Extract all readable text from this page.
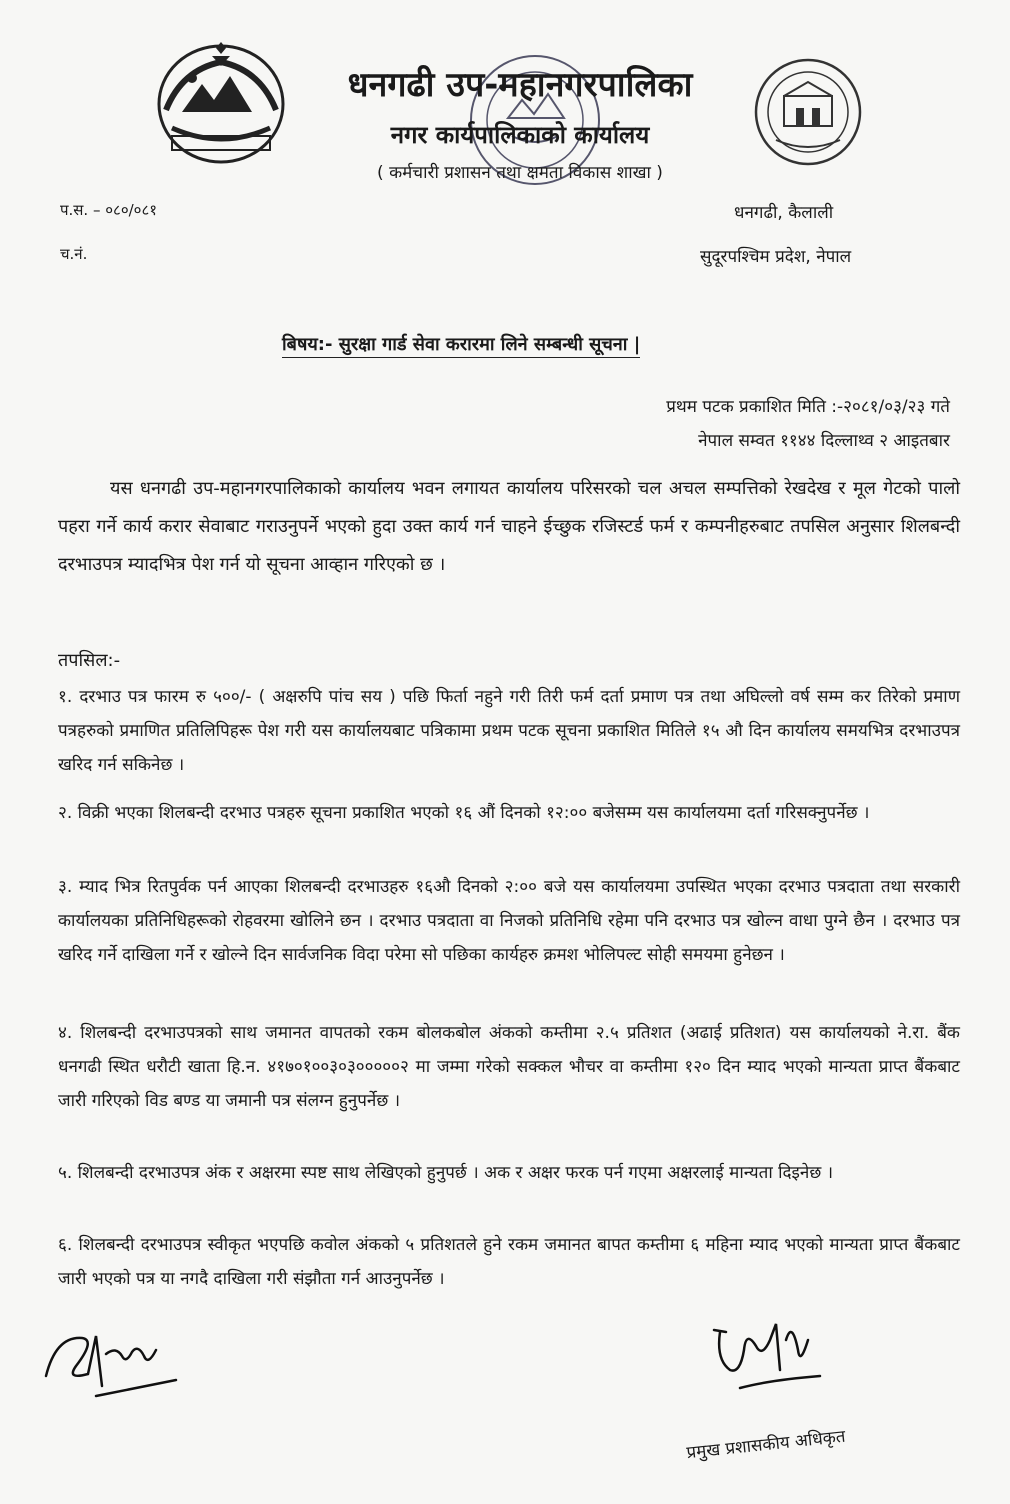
धनगढी उप-महानगरपालिका
नगर कार्यपालिकाको कार्यालय
( कर्मचारी प्रशासन तथा क्षमता विकास शाखा )
प.स. – ०८०/०८१
च.नं.
धनगढी, कैलाली
सुदूरपश्चिम प्रदेश, नेपाल
बिषय:- सुरक्षा गार्ड सेवा करारमा लिने सम्बन्धी सूचना |
प्रथम पटक प्रकाशित मिति :-२०८१/०३/२३ गते
नेपाल सम्वत ११४४ दिल्लाथ्व २ आइतबार
यस धनगढी उप-महानगरपालिकाको कार्यालय भवन लगायत कार्यालय परिसरको चल अचल सम्पत्तिको रेखदेख र मूल गेटको पालो पहरा गर्ने कार्य करार सेवाबाट गराउनुपर्ने भएको हुदा उक्त कार्य गर्न चाहने ईच्छुक रजिस्टर्ड फर्म र कम्पनीहरुबाट तपसिल अनुसार शिलबन्दी दरभाउपत्र म्यादभित्र पेश गर्न यो सूचना आव्हान गरिएको छ ।
तपसिल:-
१. दरभाउ पत्र फारम रु ५००/- ( अक्षरुपि पांच सय ) पछि फिर्ता नहुने गरी तिरी फर्म दर्ता प्रमाण पत्र तथा अघिल्लो वर्ष सम्म कर तिरेको प्रमाण पत्रहरुको प्रमाणित प्रतिलिपिहरू पेश गरी यस कार्यालयबाट पत्रिकामा प्रथम पटक सूचना प्रकाशित मितिले १५ औ दिन कार्यालय समयभित्र दरभाउपत्र खरिद गर्न सकिनेछ ।
२. विक्री भएका शिलबन्दी दरभाउ पत्रहरु सूचना प्रकाशित भएको १६ औं दिनको १२:०० बजेसम्म यस कार्यालयमा दर्ता गरिसक्नुपर्नेछ ।
३. म्याद भित्र रितपुर्वक पर्न आएका शिलबन्दी दरभाउहरु १६औ दिनको २:०० बजे यस कार्यालयमा उपस्थित भएका दरभाउ पत्रदाता तथा सरकारी कार्यालयका प्रतिनिधिहरूको रोहवरमा खोलिने छन । दरभाउ पत्रदाता वा निजको प्रतिनिधि रहेमा पनि दरभाउ पत्र खोल्न वाधा पुग्ने छैन । दरभाउ पत्र खरिद गर्ने दाखिला गर्ने र खोल्ने दिन सार्वजनिक विदा परेमा सो पछिका कार्यहरु क्रमश भोलिपल्ट सोही समयमा हुनेछन ।
४. शिलबन्दी दरभाउपत्रको साथ जमानत वापतको रकम बोलकबोल अंकको कम्तीमा २.५ प्रतिशत (अढाई प्रतिशत) यस कार्यालयको ने.रा. बैंक धनगढी स्थित धरौटी खाता हि.न. ४१७०१००३०३०००००२ मा जम्मा गरेको सक्कल भौचर वा कम्तीमा १२० दिन म्याद भएको मान्यता प्राप्त बैंकबाट जारी गरिएको विड बण्ड या जमानी पत्र संलग्न हुनुपर्नेछ ।
५. शिलबन्दी दरभाउपत्र अंक र अक्षरमा स्पष्ट साथ लेखिएको हुनुपर्छ । अक र अक्षर फरक पर्न गएमा अक्षरलाई मान्यता दिइनेछ ।
६. शिलबन्दी दरभाउपत्र स्वीकृत भएपछि कवोल अंकको ५ प्रतिशतले हुने रकम जमानत बापत कम्तीमा ६ महिना म्याद भएको मान्यता प्राप्त बैंकबाट जारी भएको पत्र या नगदै दाखिला गरी संझौता गर्न आउनुपर्नेछ ।
प्रमुख प्रशासकीय अधिकृत
